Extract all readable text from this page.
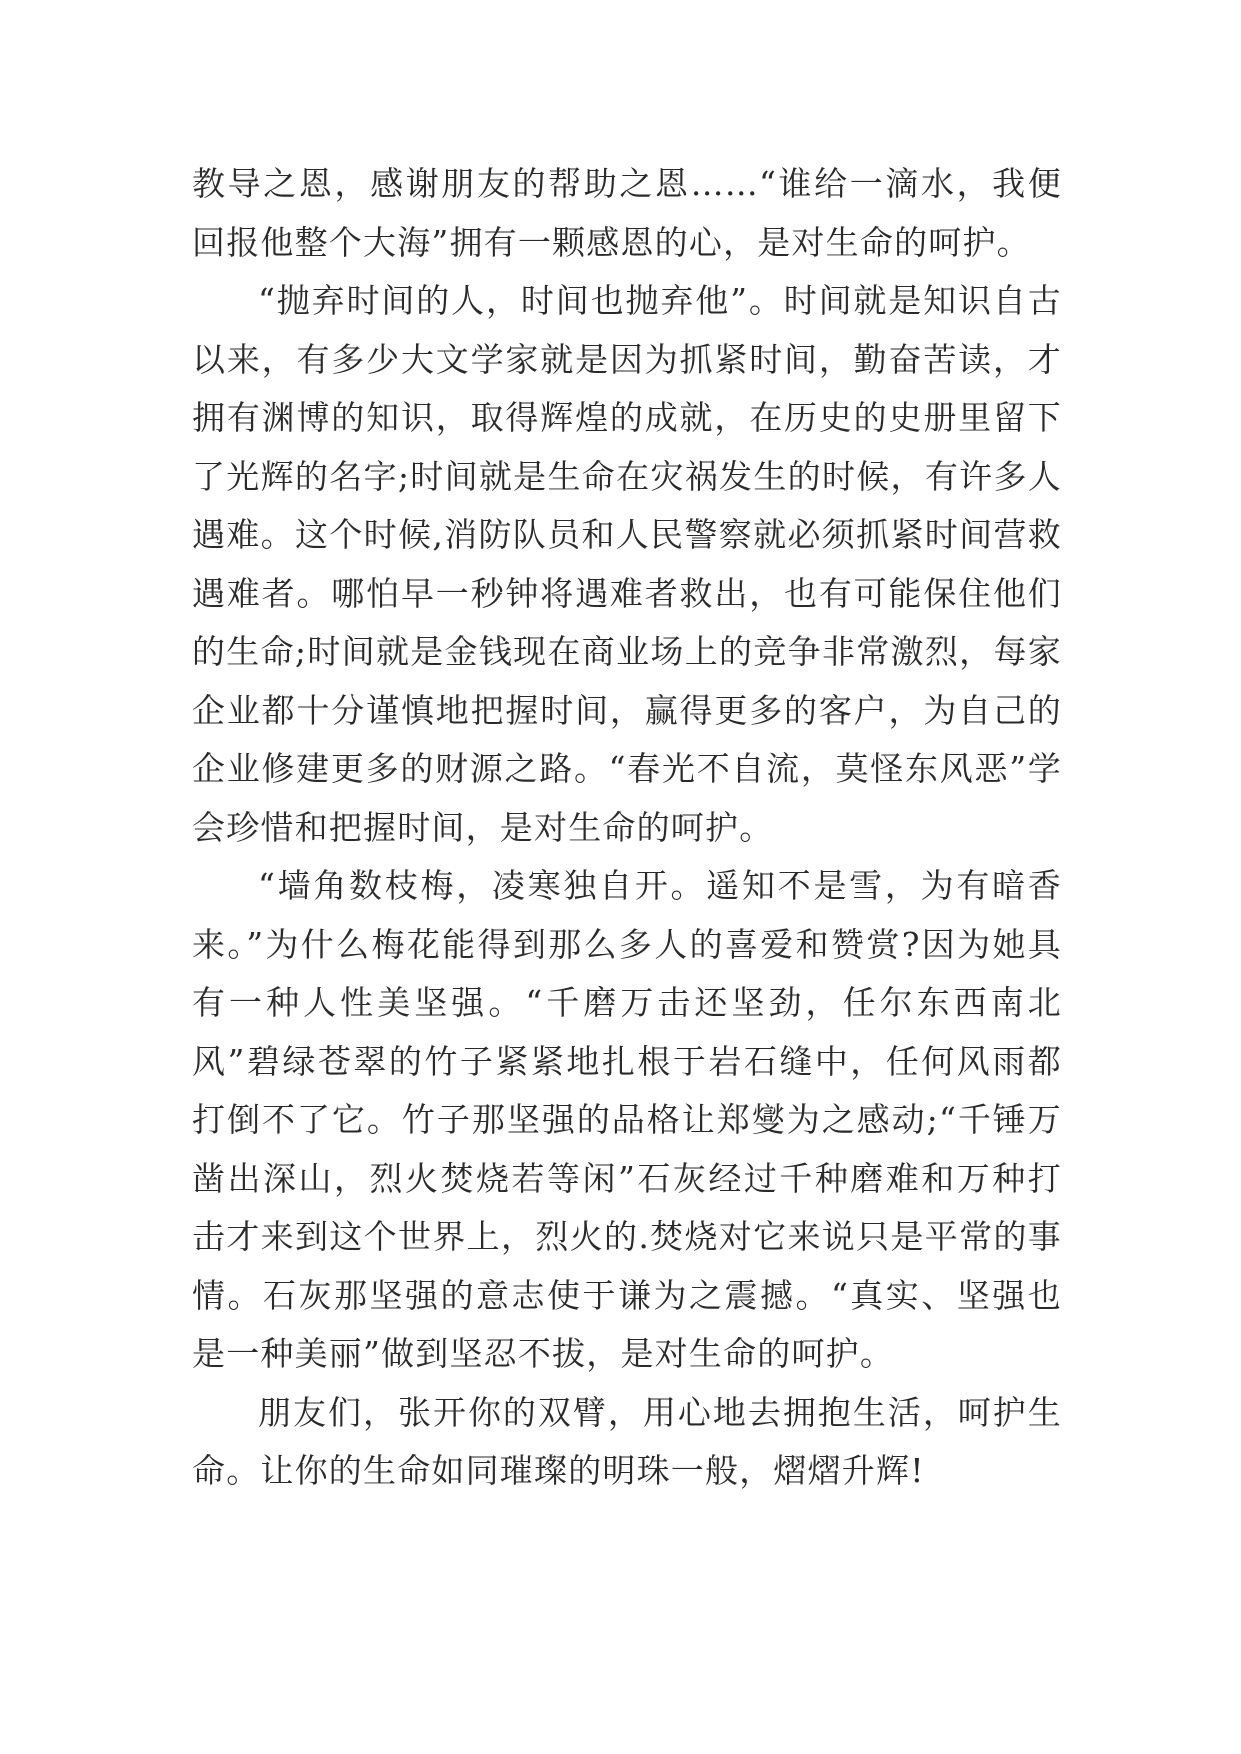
教导之恩，感谢朋友的帮助之恩……“谁给一滴水，我便回报他整个大海”拥有一颗感恩的心，是对生命的呵护。

“抛弃时间的人，时间也抛弃他”。时间就是知识自古以来，有多少大文学家就是因为抓紧时间，勤奋苦读，才拥有渊博的知识，取得辉煌的成就，在历史的史册里留下了光辉的名字;时间就是生命在灾祸发生的时候，有许多人遇难。这个时候,消防队员和人民警察就必须抓紧时间营救遇难者。哪怕早一秒钟将遇难者救出，也有可能保住他们的生命;时间就是金钱现在商业场上的竞争非常激烈，每家企业都十分谨慎地把握时间，赢得更多的客户，为自己的企业修建更多的财源之路。“春光不自流，莫怪东风恶”学会珍惜和把握时间，是对生命的呵护。

“墙角数枝梅，凌寒独自开。遥知不是雪，为有暗香来。”为什么梅花能得到那么多人的喜爱和赞赏?因为她具有一种人性美坚强。“千磨万击还坚劲，任尔东西南北风”碧绿苍翠的竹子紧紧地扎根于岩石缝中，任何风雨都打倒不了它。竹子那坚强的品格让郑燮为之感动;“千锤万凿出深山，烈火焚烧若等闲”石灰经过千种磨难和万种打击才来到这个世界上，烈火的.焚烧对它来说只是平常的事情。石灰那坚强的意志使于谦为之震撼。“真实、坚强也是一种美丽”做到坚忍不拔，是对生命的呵护。

朋友们，张开你的双臂，用心地去拥抱生活，呵护生命。让你的生命如同璀璨的明珠一般，熠熠升辉!
